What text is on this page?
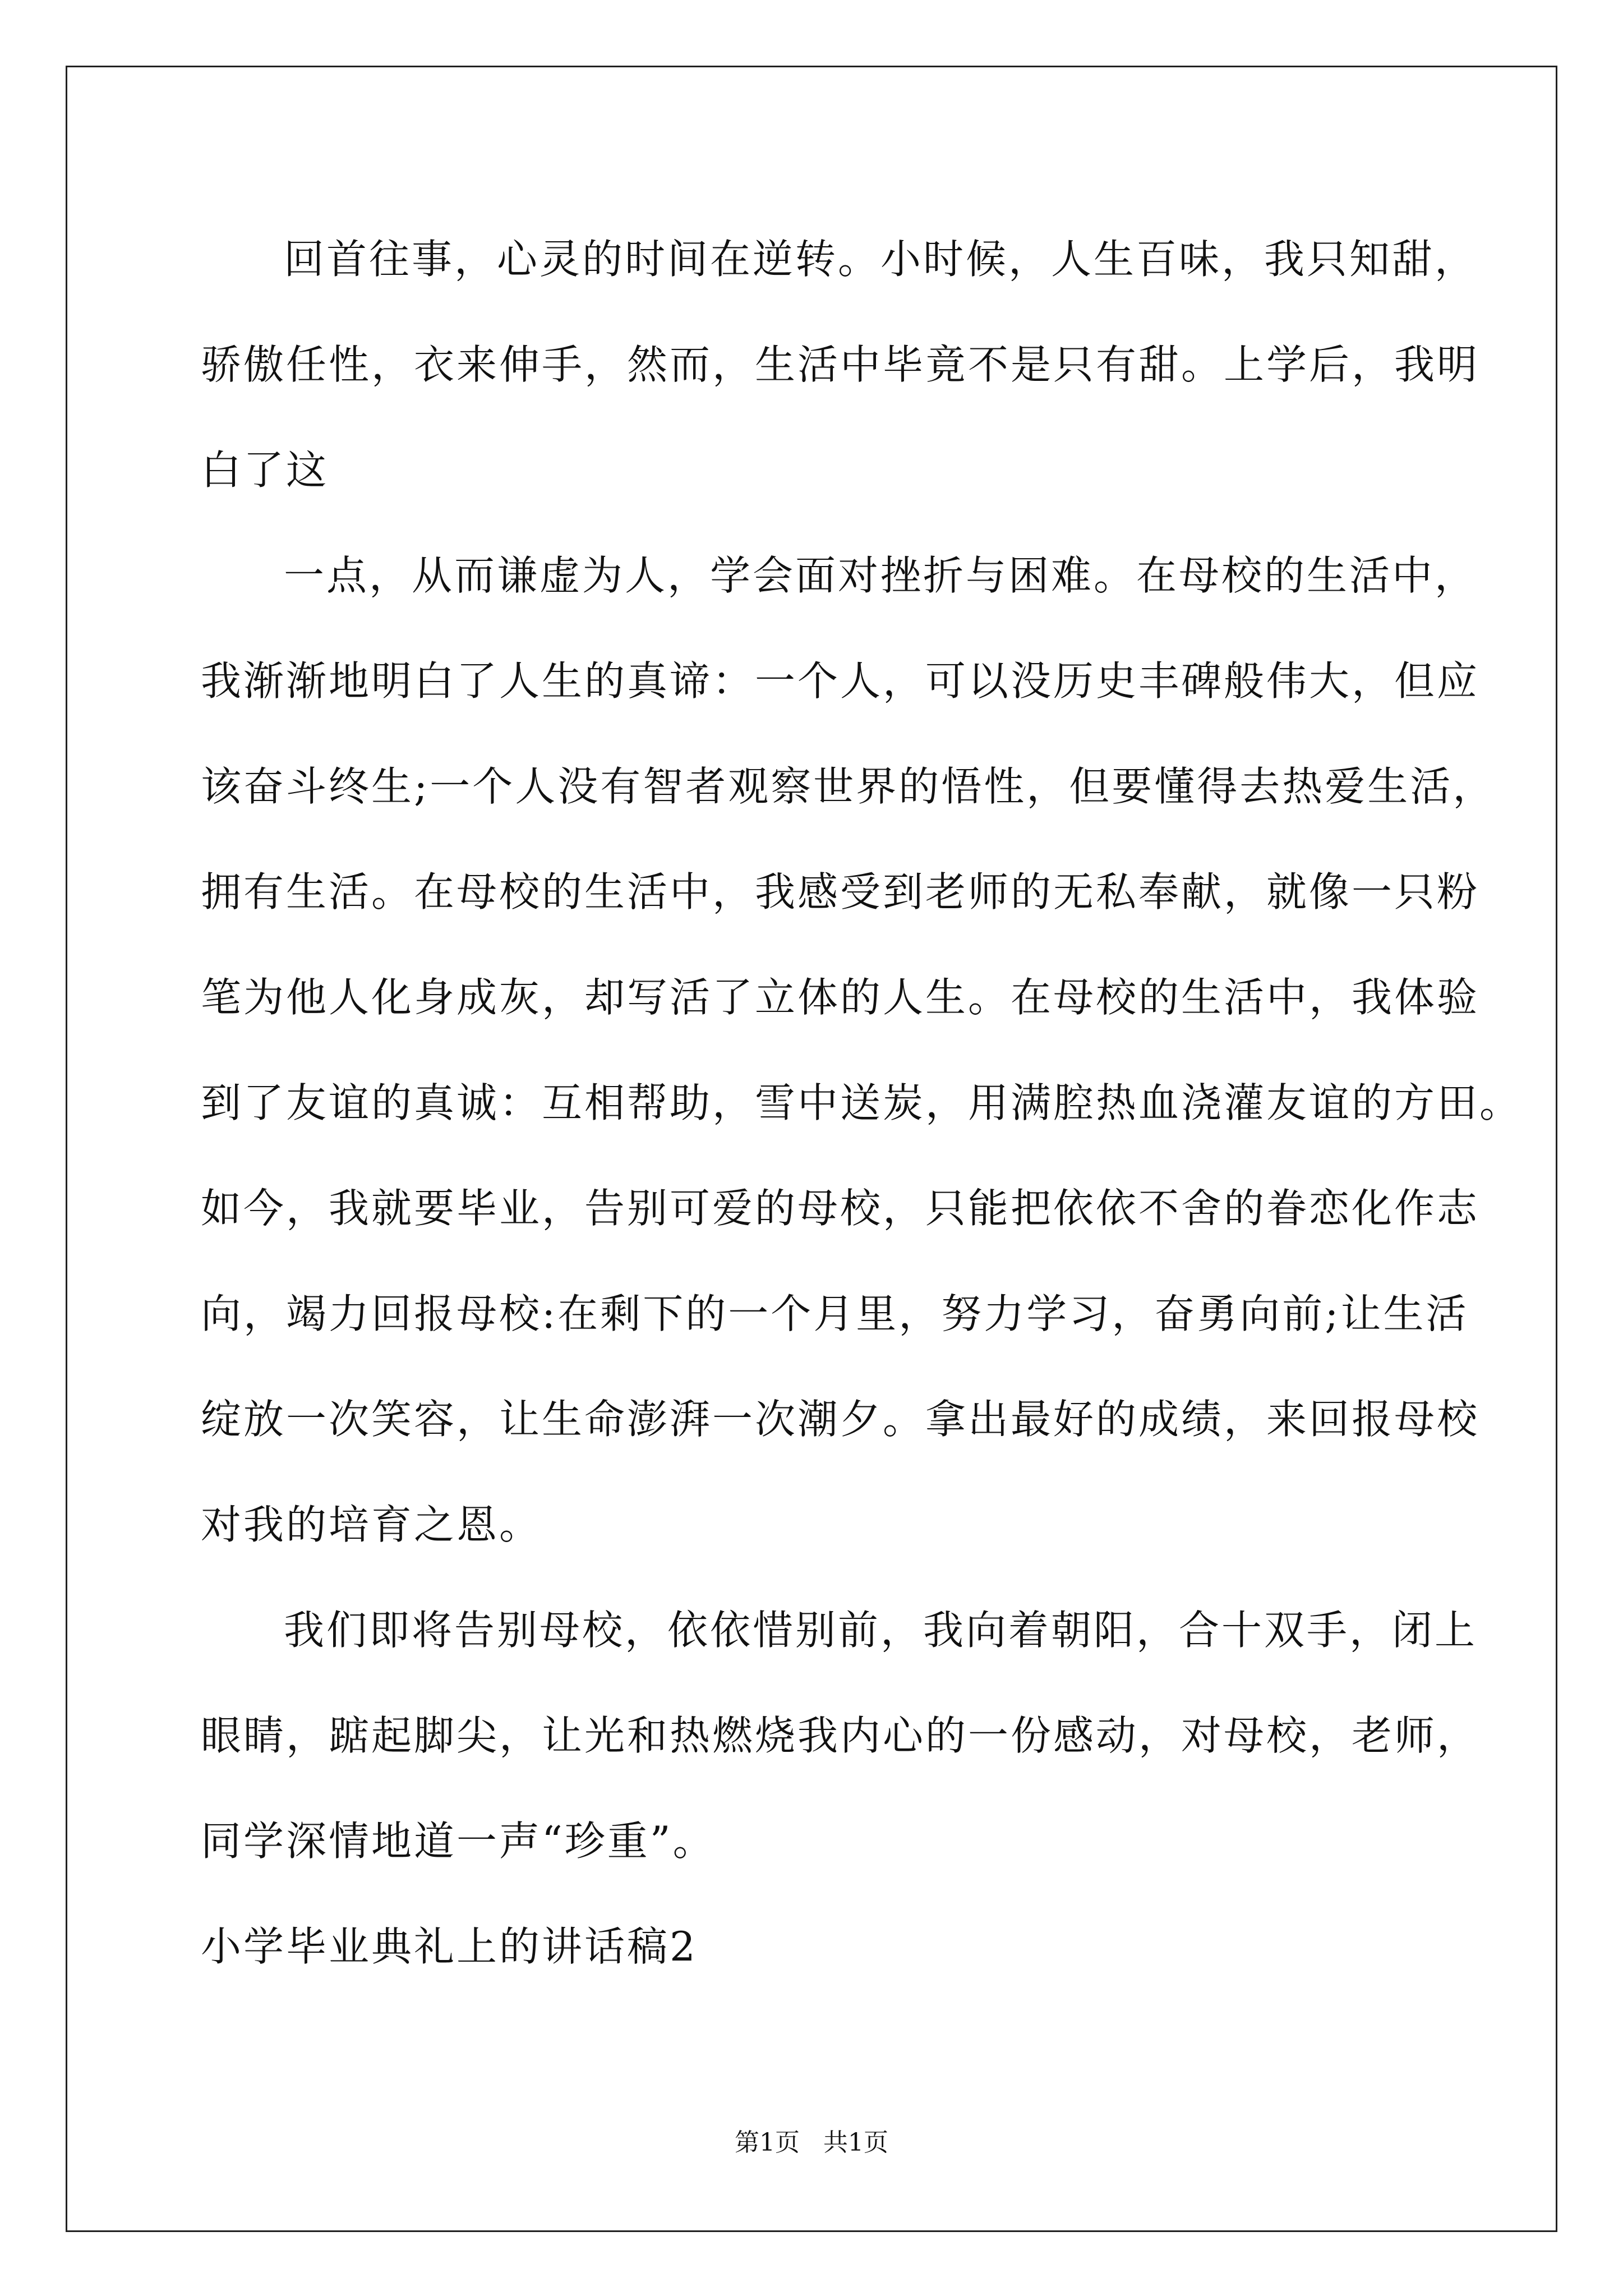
回首往事，心灵的时间在逆转。小时候，人生百味，我只知甜，
骄傲任性，衣来伸手，然而，生活中毕竟不是只有甜。上学后，我明
白了这
一点，从而谦虚为人，学会面对挫折与困难。在母校的生活中，
我渐渐地明白了人生的真谛：一个人，可以没历史丰碑般伟大，但应
该奋斗终生;一个人没有智者观察世界的悟性，但要懂得去热爱生活，
拥有生活。在母校的生活中，我感受到老师的无私奉献，就像一只粉
笔为他人化身成灰，却写活了立体的人生。在母校的生活中，我体验
到了友谊的真诚：互相帮助，雪中送炭，用满腔热血浇灌友谊的方田。
如今，我就要毕业，告别可爱的母校，只能把依依不舍的眷恋化作志
向，竭力回报母校:在剩下的一个月里，努力学习，奋勇向前;让生活
绽放一次笑容，让生命澎湃一次潮夕。拿出最好的成绩，来回报母校
对我的培育之恩。
我们即将告别母校，依依惜别前，我向着朝阳，合十双手，闭上
眼睛，踮起脚尖，让光和热燃烧我内心的一份感动，对母校，老师，
同学深情地道一声“珍重”。
小学毕业典礼上的讲话稿2
第1页   共1页
